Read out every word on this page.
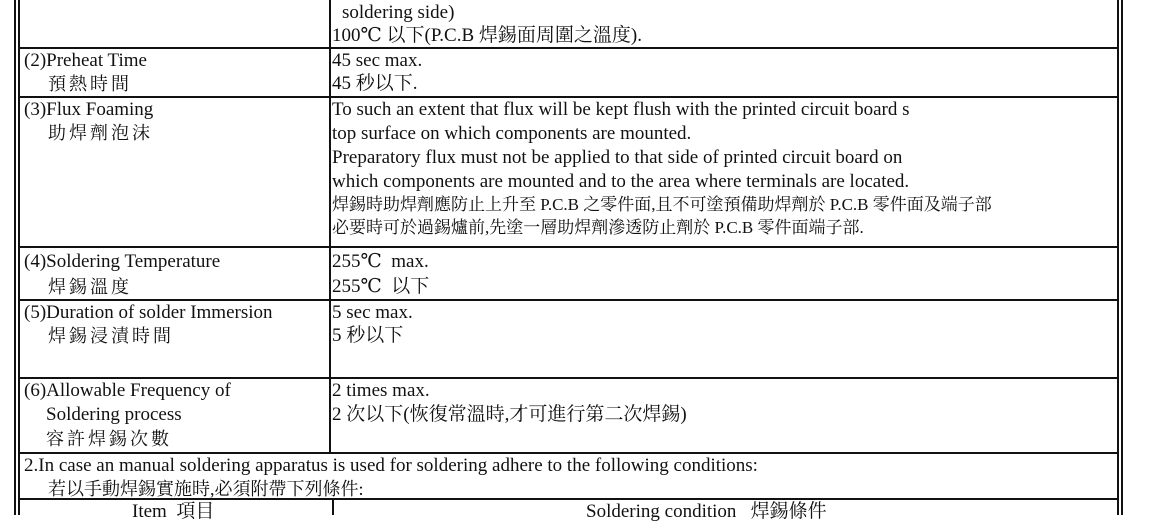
soldering side)

100℃ 以下(P.C.B 焊錫面周圍之溫度).

(2)Preheat Time

預熱時間

45 sec max.

45 秒以下.

(3)Flux Foaming

助焊劑泡沫

To such an extent that flux will be kept flush with the printed circuit board s

top surface on which components are mounted.

Preparatory flux must not be applied to that side of printed circuit board on

which components are mounted and to the area where terminals are located.

焊錫時助焊劑應防止上升至 P.C.B 之零件面,且不可塗預備助焊劑於 P.C.B 零件面及端子部

必要時可於過錫爐前,先塗一層助焊劑滲透防止劑於 P.C.B 零件面端子部.

(4)Soldering Temperature

焊錫溫度

255℃  max.

255℃  以下

(5)Duration of solder Immersion

焊錫浸漬時間

5 sec max.

5 秒以下

(6)Allowable Frequency of

Soldering process

容許焊錫次數

2 times max.

2 次以下(恢復常溫時,才可進行第二次焊錫)

2.In case an manual soldering apparatus is used for soldering adhere to the following conditions:

若以手動焊錫實施時,必須附帶下列條件:

Item  項目	Soldering condition   焊錫條件
